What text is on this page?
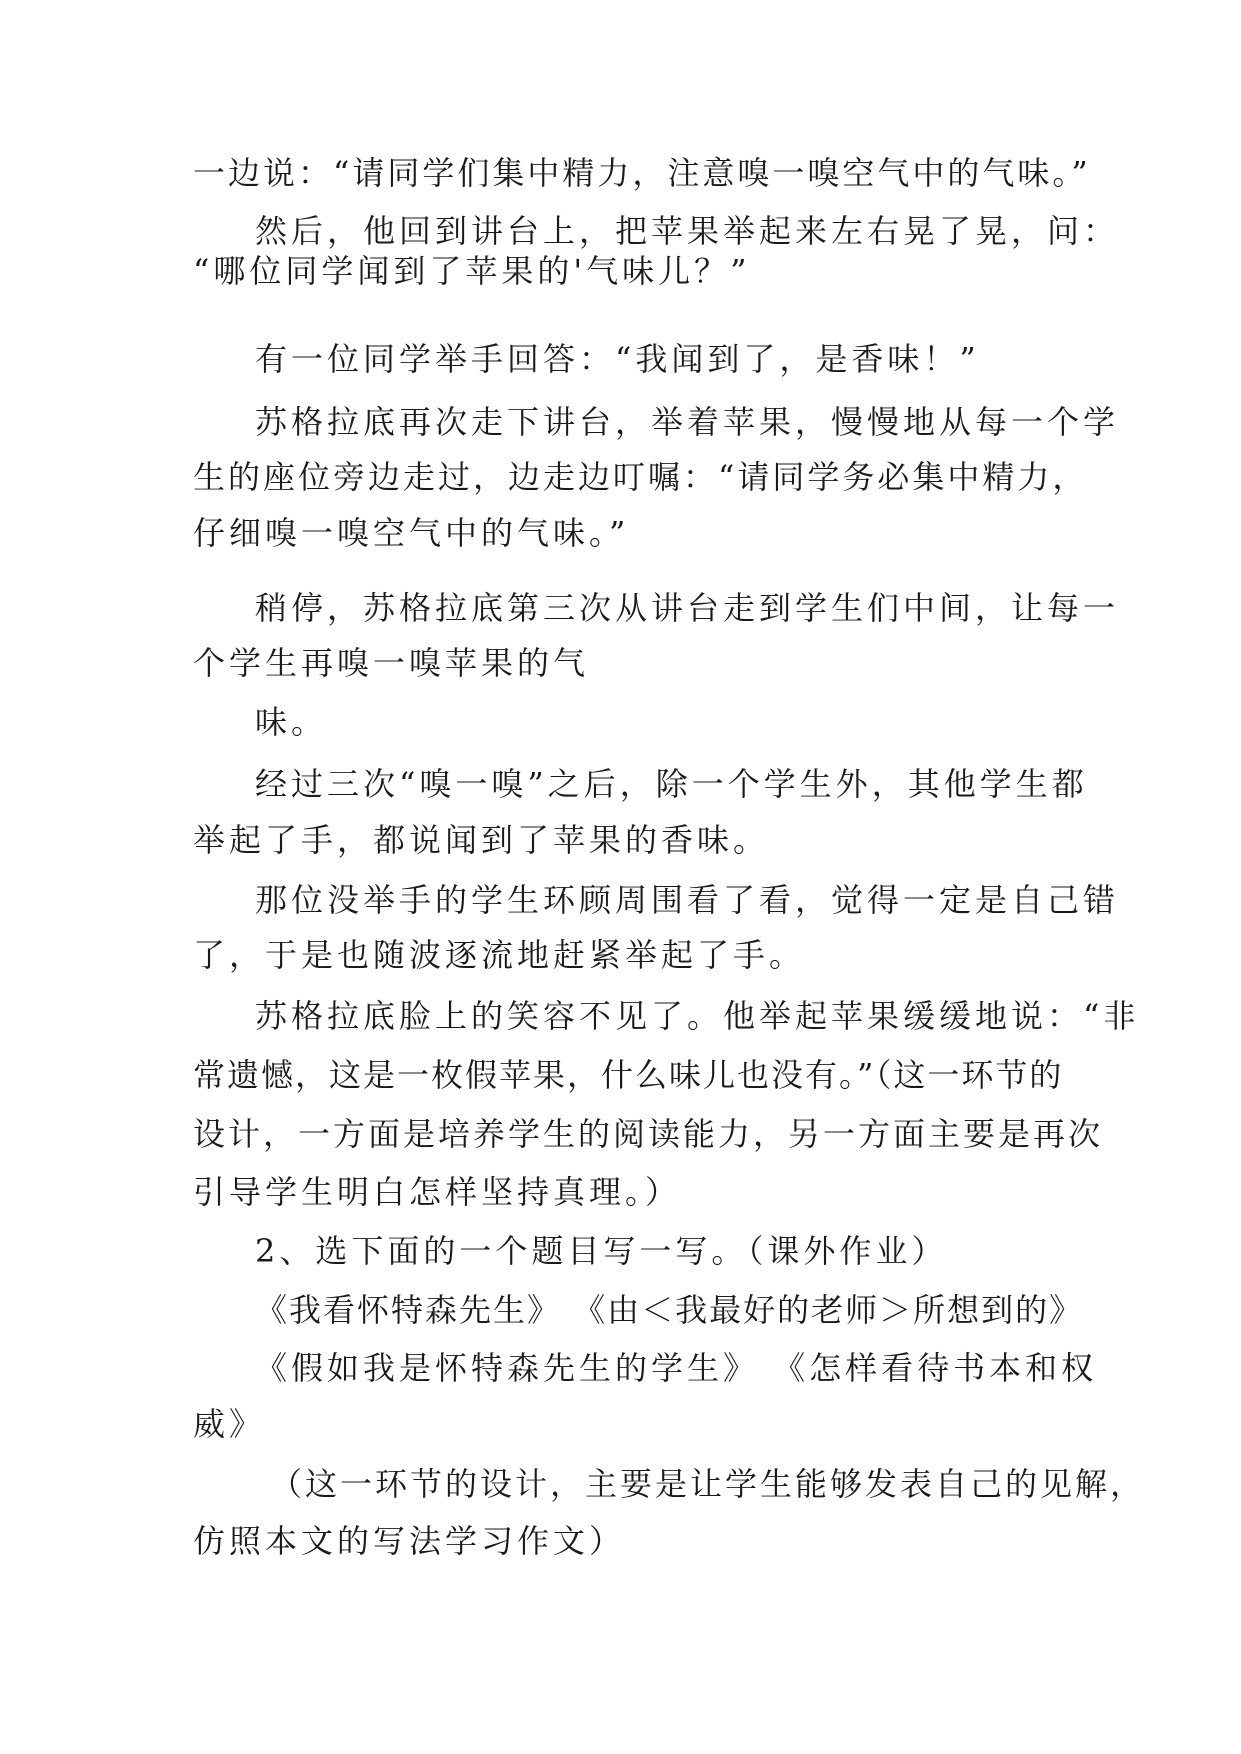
一边说：“请同学们集中精力，注意嗅一嗅空气中的气味。”
然后，他回到讲台上，把苹果举起来左右晃了晃，问：
“哪位同学闻到了苹果的'气味儿？”
有一位同学举手回答：“我闻到了，是香味！”
苏格拉底再次走下讲台，举着苹果，慢慢地从每一个学
生的座位旁边走过，边走边叮嘱：“请同学务必集中精力，
仔细嗅一嗅空气中的气味。”
稍停，苏格拉底第三次从讲台走到学生们中间，让每一
个学生再嗅一嗅苹果的气
味。
经过三次“嗅一嗅”之后，除一个学生外，其他学生都
举起了手，都说闻到了苹果的香味。
那位没举手的学生环顾周围看了看，觉得一定是自己错
了，于是也随波逐流地赶紧举起了手。
苏格拉底脸上的笑容不见了。他举起苹果缓缓地说：“非
常遗憾，这是一枚假苹果，什么味儿也没有。”（这一环节的
设计，一方面是培养学生的阅读能力，另一方面主要是再次
引导学生明白怎样坚持真理。）
2、选下面的一个题目写一写。（课外作业）
《我看怀特森先生》 《由＜我最好的老师＞所想到的》
《假如我是怀特森先生的学生》 《怎样看待书本和权
威》
（这一环节的设计，主要是让学生能够发表自己的见解，
仿照本文的写法学习作文）
